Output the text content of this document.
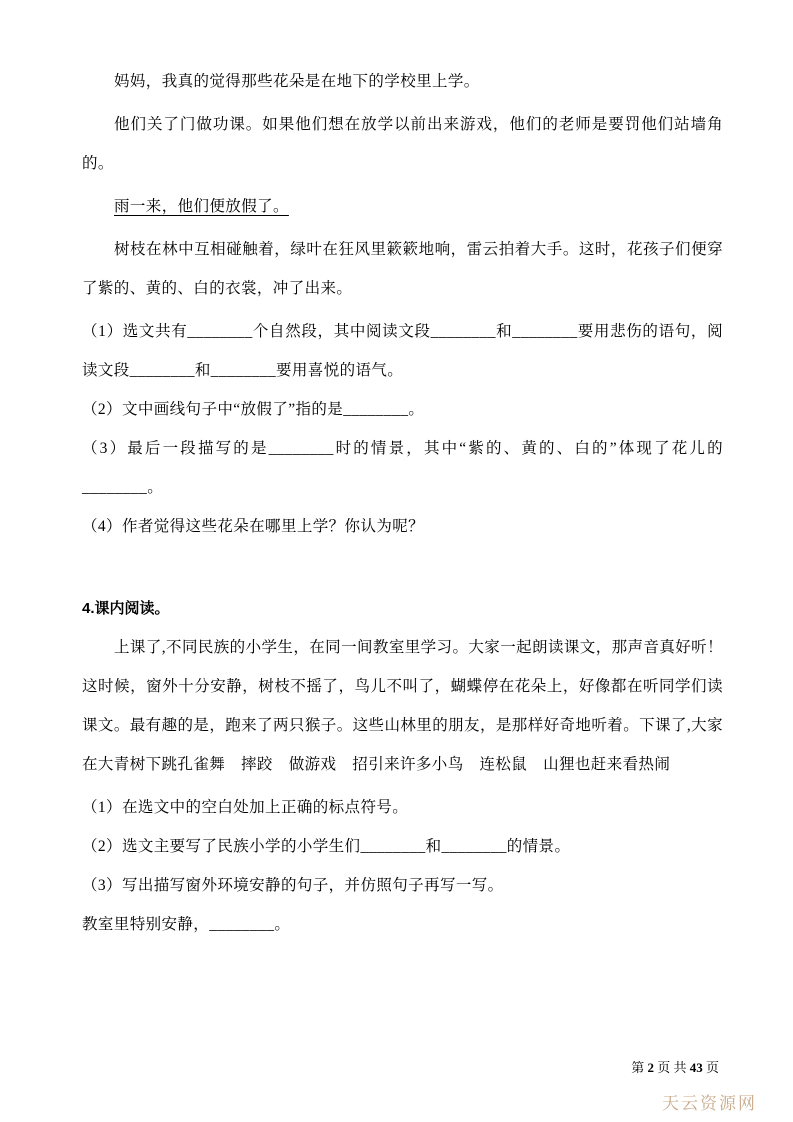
妈妈，我真的觉得那些花朵是在地下的学校里上学。

他们关了门做功课。如果他们想在放学以前出来游戏，他们的老师是要罚他们站墙角的。

雨一来，他们便放假了。

树枝在林中互相碰触着，绿叶在狂风里簌簌地响，雷云拍着大手。这时，花孩子们便穿了紫的、黄的、白的衣裳，冲了出来。

（1）选文共有________个自然段，其中阅读文段________和________要用悲伤的语句，阅读文段________和________要用喜悦的语气。

（2）文中画线句子中“放假了”指的是________。

（3）最后一段描写的是________时的情景，其中“紫的、黄的、白的”体现了花儿的________。

（4）作者觉得这些花朵在哪里上学？你认为呢？

4.课内阅读。

上课了,不同民族的小学生，在同一间教室里学习。大家一起朗读课文，那声音真好听！这时候，窗外十分安静，树枝不摇了，鸟儿不叫了，蝴蝶停在花朵上，好像都在听同学们读课文。最有趣的是，跑来了两只猴子。这些山林里的朋友，是那样好奇地听着。下课了,大家在大青树下跳孔雀舞　摔跤　做游戏　招引来许多小鸟　连松鼠　山狸也赶来看热闹

（1）在选文中的空白处加上正确的标点符号。

（2）选文主要写了民族小学的小学生们________和________的情景。

（3）写出描写窗外环境安静的句子，并仿照句子再写一写。

教室里特别安静，________。

第 2 页 共 43 页
天云资源网
